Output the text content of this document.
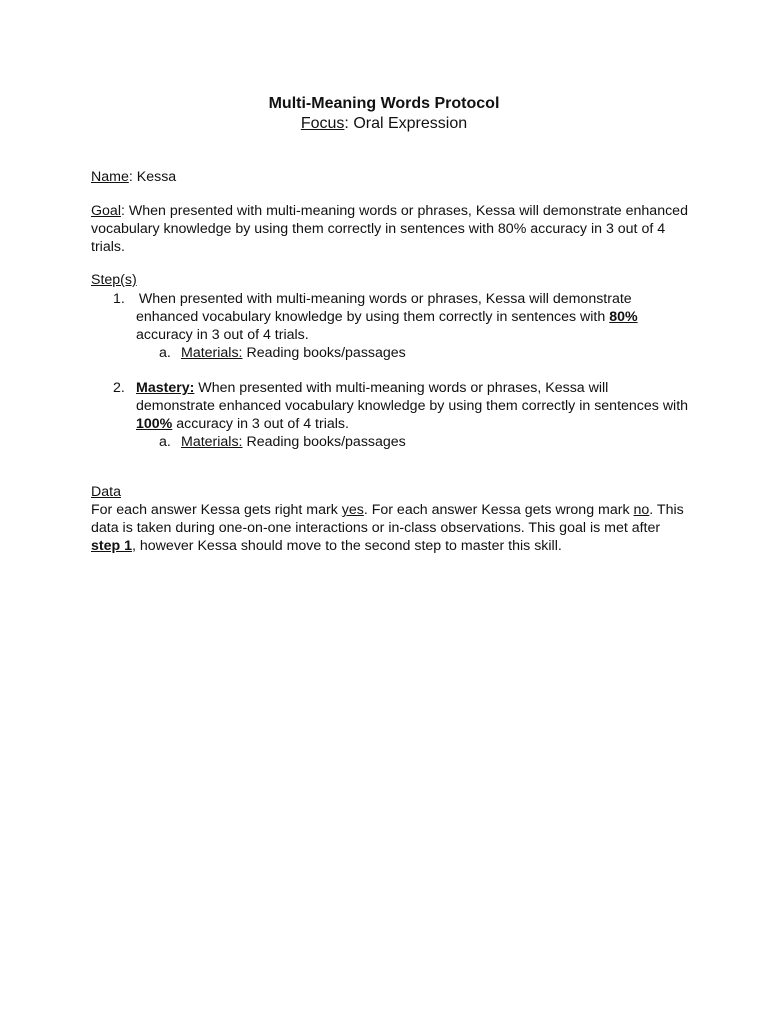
Multi-Meaning Words Protocol
Focus: Oral Expression
Name: Kessa
Goal: When presented with multi-meaning words or phrases, Kessa will demonstrate enhanced vocabulary knowledge by using them correctly in sentences with 80% accuracy in 3 out of 4 trials.
Step(s)
1.
  When presented with multi-meaning words or phrases, Kessa will demonstrate enhanced vocabulary knowledge by using them correctly in sentences with 80% accuracy in 3 out of 4 trials.
a. Materials: Reading books/passages
2. Mastery: When presented with multi-meaning words or phrases, Kessa will demonstrate enhanced vocabulary knowledge by using them correctly in sentences with 100% accuracy in 3 out of 4 trials.
a. Materials: Reading books/passages
Data
For each answer Kessa gets right mark yes. For each answer Kessa gets wrong mark no. This data is taken during one-on-one interactions or in-class observations. This goal is met after step 1, however Kessa should move to the second step to master this skill.
